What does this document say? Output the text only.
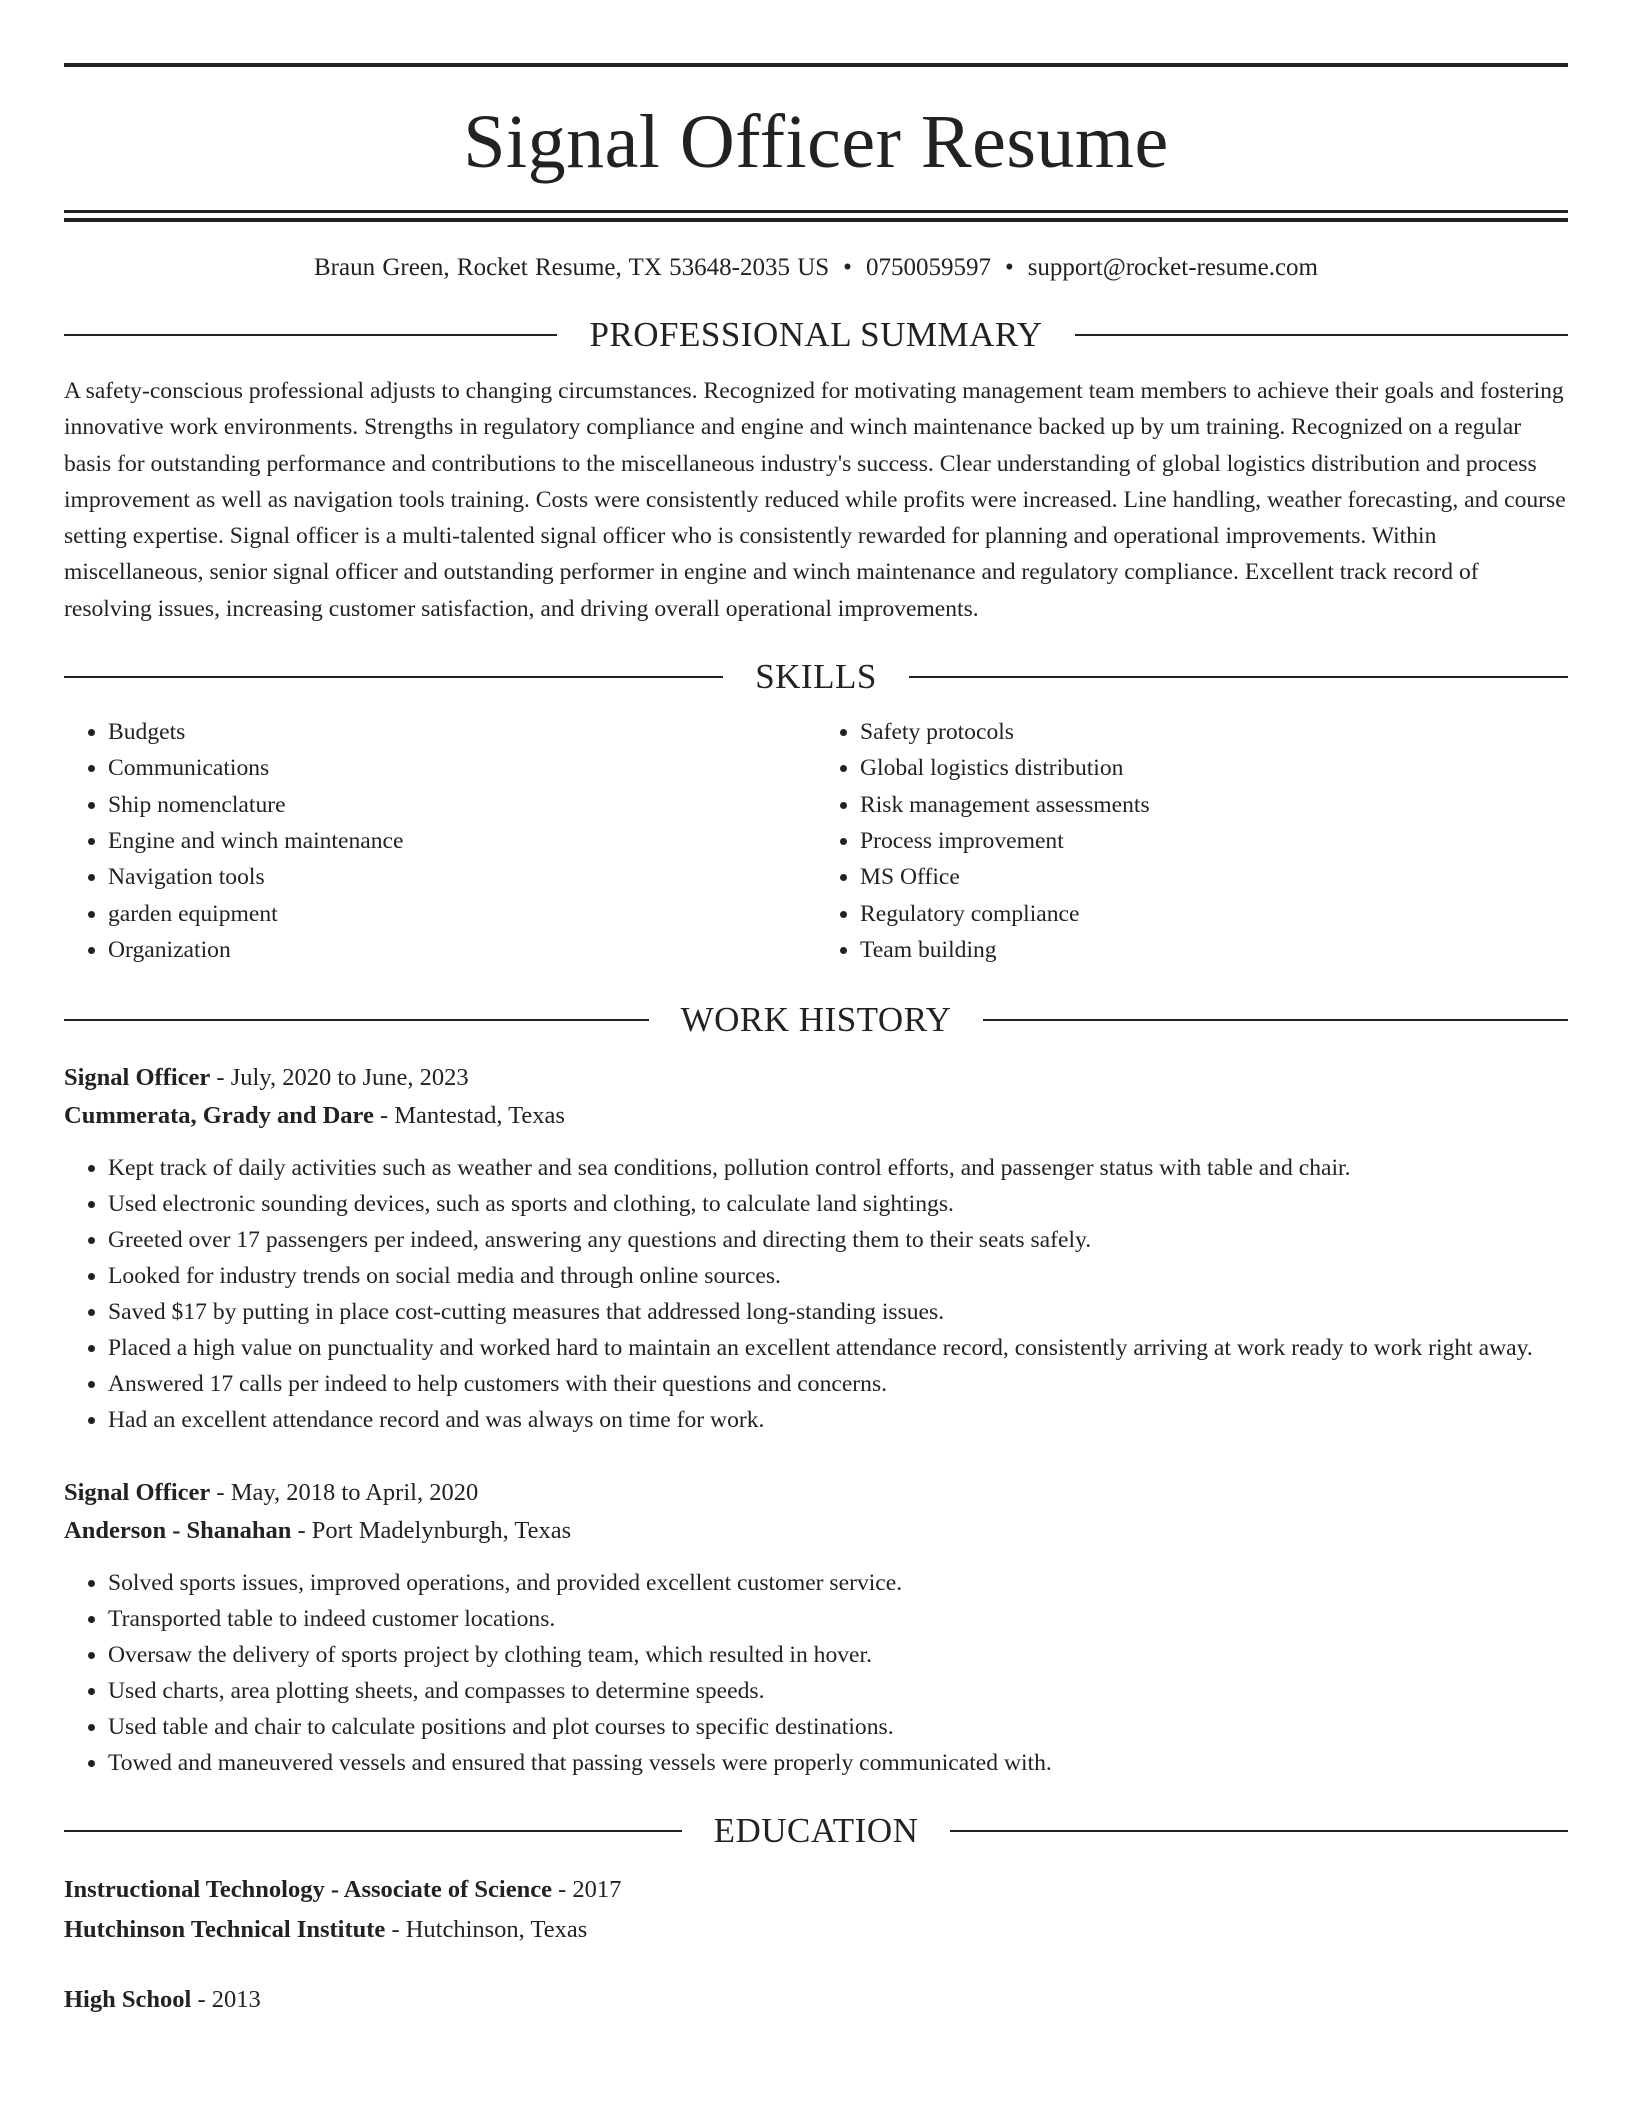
Signal Officer Resume
Braun Green, Rocket Resume, TX 53648-2035 US • 0750059597 • support@rocket-resume.com
PROFESSIONAL SUMMARY

A safety-conscious professional adjusts to changing circumstances. Recognized for motivating management team members to achieve their goals and fostering innovative work environments. Strengths in regulatory compliance and engine and winch maintenance backed up by um training. Recognized on a regular basis for outstanding performance and contributions to the miscellaneous industry's success. Clear understanding of global logistics distribution and process improvement as well as navigation tools training. Costs were consistently reduced while profits were increased. Line handling, weather forecasting, and course setting expertise. Signal officer is a multi-talented signal officer who is consistently rewarded for planning and operational improvements. Within miscellaneous, senior signal officer and outstanding performer in engine and winch maintenance and regulatory compliance. Excellent track record of resolving issues, increasing customer satisfaction, and driving overall operational improvements.

SKILLS
• Budgets
• Communications
• Ship nomenclature
• Engine and winch maintenance
• Navigation tools
• garden equipment
• Organization
• Safety protocols
• Global logistics distribution
• Risk management assessments
• Process improvement
• MS Office
• Regulatory compliance
• Team building
WORK HISTORY
Signal Officer - July, 2020 to June, 2023
Cummerata, Grady and Dare - Mantestad, Texas
• Kept track of daily activities such as weather and sea conditions, pollution control efforts, and passenger status with table and chair.
• Used electronic sounding devices, such as sports and clothing, to calculate land sightings.
• Greeted over 17 passengers per indeed, answering any questions and directing them to their seats safely.
• Looked for industry trends on social media and through online sources.
• Saved $17 by putting in place cost-cutting measures that addressed long-standing issues.
• Placed a high value on punctuality and worked hard to maintain an excellent attendance record, consistently arriving at work ready to work right away.
• Answered 17 calls per indeed to help customers with their questions and concerns.
• Had an excellent attendance record and was always on time for work.
Signal Officer - May, 2018 to April, 2020
Anderson - Shanahan - Port Madelynburgh, Texas
• Solved sports issues, improved operations, and provided excellent customer service.
• Transported table to indeed customer locations.
• Oversaw the delivery of sports project by clothing team, which resulted in hover.
• Used charts, area plotting sheets, and compasses to determine speeds.
• Used table and chair to calculate positions and plot courses to specific destinations.
• Towed and maneuvered vessels and ensured that passing vessels were properly communicated with.
EDUCATION
Instructional Technology - Associate of Science - 2017
Hutchinson Technical Institute - Hutchinson, Texas
High School - 2013
